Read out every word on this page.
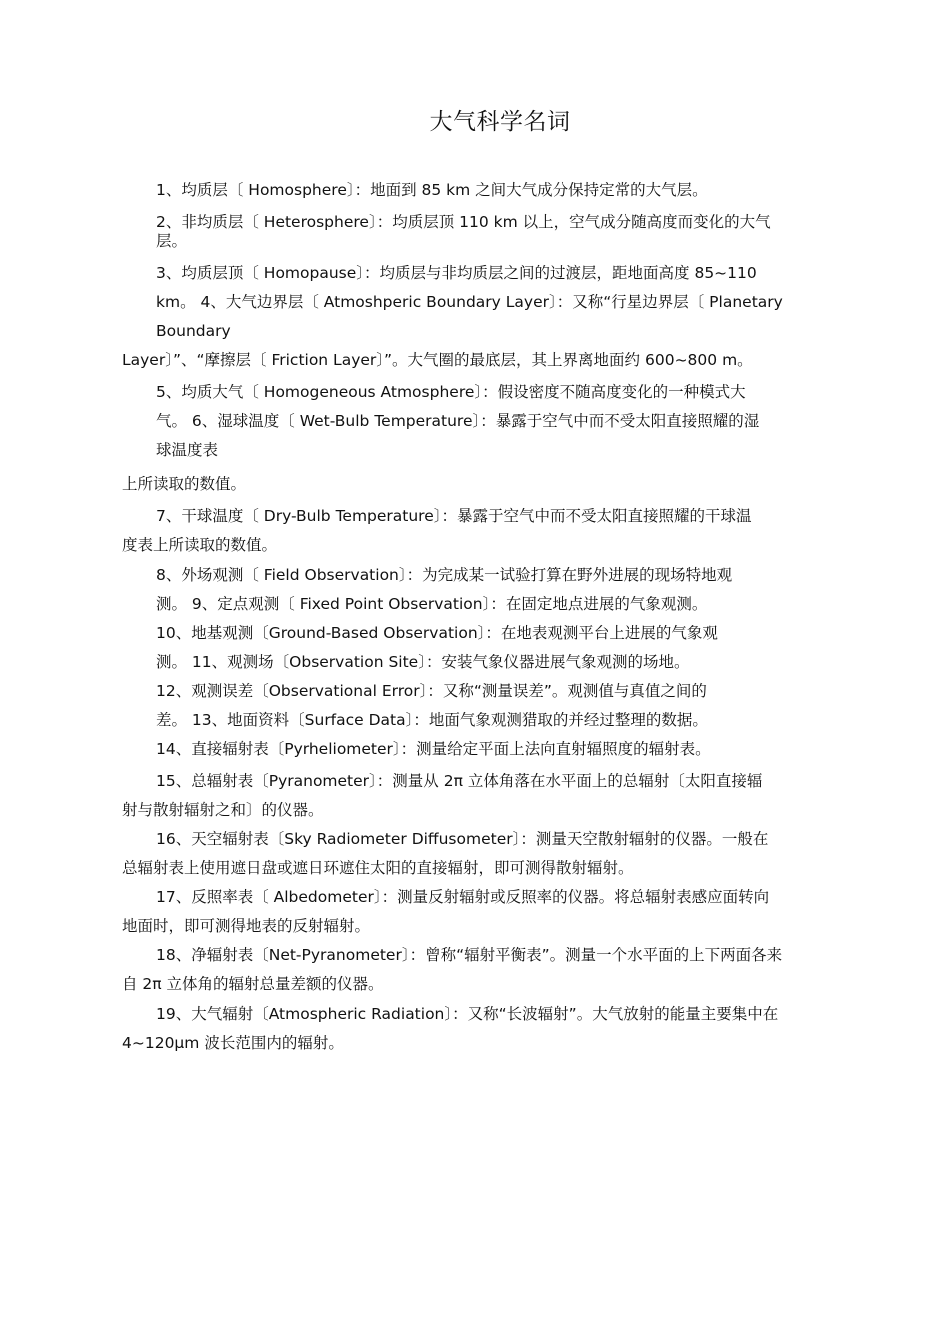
大气科学名词
1、均质层〔 Homosphere〕：地面到 85 km 之间大气成分保持定常的大气层。
2、非均质层〔 Heterosphere〕：均质层顶 110 km 以上，空气成分随高度而变化的大气
层。
3、均质层顶〔 Homopause〕：均质层与非均质层之间的过渡层，距地面高度 85~110
km。 4、大气边界层〔 Atmoshperic Boundary Layer〕：又称“行星边界层〔 Planetary
Boundary
Layer〕”、“摩擦层〔 Friction Layer〕”。大气圈的最底层，其上界离地面约 600~800 m。
5、均质大气〔 Homogeneous Atmosphere〕：假设密度不随高度变化的一种模式大
气。 6、湿球温度〔 Wet-Bulb Temperature〕：暴露于空气中而不受太阳直接照耀的湿
球温度表
上所读取的数值。
7、干球温度〔 Dry-Bulb Temperature〕：暴露于空气中而不受太阳直接照耀的干球温
度表上所读取的数值。
8、外场观测〔 Field Observation〕：为完成某一试验打算在野外进展的现场特地观
测。 9、定点观测〔 Fixed Point Observation〕：在固定地点进展的气象观测。
10、地基观测〔Ground-Based Observation〕：在地表观测平台上进展的气象观
测。 11、观测场〔Observation Site〕：安装气象仪器进展气象观测的场地。
12、观测误差〔Observational Error〕：又称“测量误差”。观测值与真值之间的
差。 13、地面资料〔Surface Data〕：地面气象观测猎取的并经过整理的数据。
14、直接辐射表〔Pyrheliometer〕：测量给定平面上法向直射辐照度的辐射表。
15、总辐射表〔Pyranometer〕：测量从 2π 立体角落在水平面上的总辐射〔太阳直接辐
射与散射辐射之和〕的仪器。
16、天空辐射表〔Sky Radiometer Diffusometer〕：测量天空散射辐射的仪器。一般在
总辐射表上使用遮日盘或遮日环遮住太阳的直接辐射，即可测得散射辐射。
17、反照率表〔 Albedometer〕：测量反射辐射或反照率的仪器。将总辐射表感应面转向
地面时，即可测得地表的反射辐射。
18、净辐射表〔Net-Pyranometer〕：曾称“辐射平衡表”。测量一个水平面的上下两面各来
自 2π 立体角的辐射总量差额的仪器。
19、大气辐射〔Atmospheric Radiation〕：又称“长波辐射”。大气放射的能量主要集中在
4~120μm 波长范围内的辐射。
